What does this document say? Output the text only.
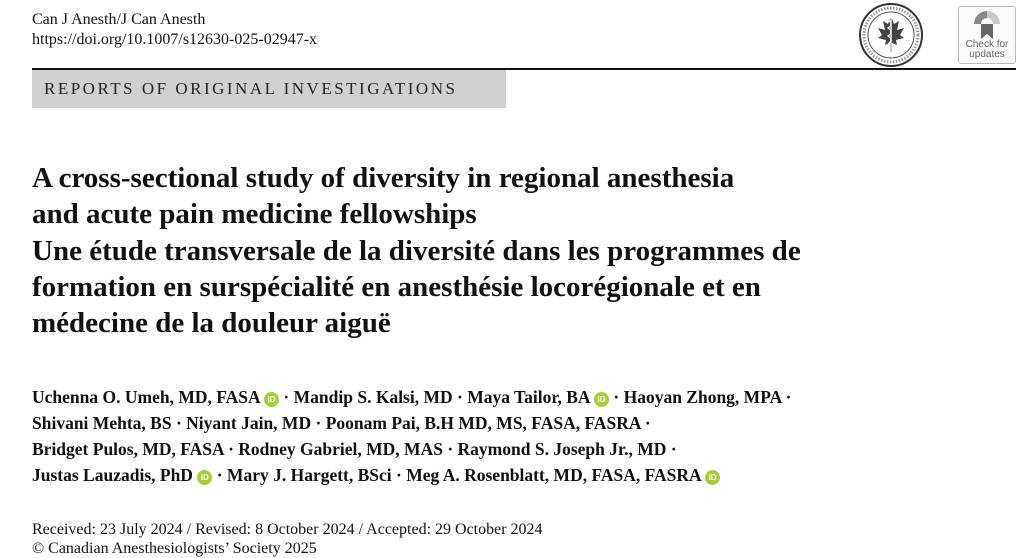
Can J Anesth/J Can Anesth
https://doi.org/10.1007/s12630-025-02947-x	Check for
updates
REPORTS OF ORIGINAL INVESTIGATIONS
A cross-sectional study of diversity in regional anesthesia
and acute pain medicine fellowships
Une étude transversale de la diversité dans les programmes de
formation en surspécialité en anesthésie locorégionale et en
médecine de la douleur aiguë
Uchenna O. Umeh, MD, FASA iD · Mandip S. Kalsi, MD · Maya Tailor, BA iD · Haoyan Zhong, MPA ·
Shivani Mehta, BS · Niyant Jain, MD · Poonam Pai, B.H MD, MS, FASA, FASRA ·
Bridget Pulos, MD, FASA · Rodney Gabriel, MD, MAS · Raymond S. Joseph Jr., MD ·
Justas Lauzadis, PhD iD · Mary J. Hargett, BSci · Meg A. Rosenblatt, MD, FASA, FASRA iD
Received: 23 July 2024 / Revised: 8 October 2024 / Accepted: 29 October 2024
© Canadian Anesthesiologists’ Society 2025
